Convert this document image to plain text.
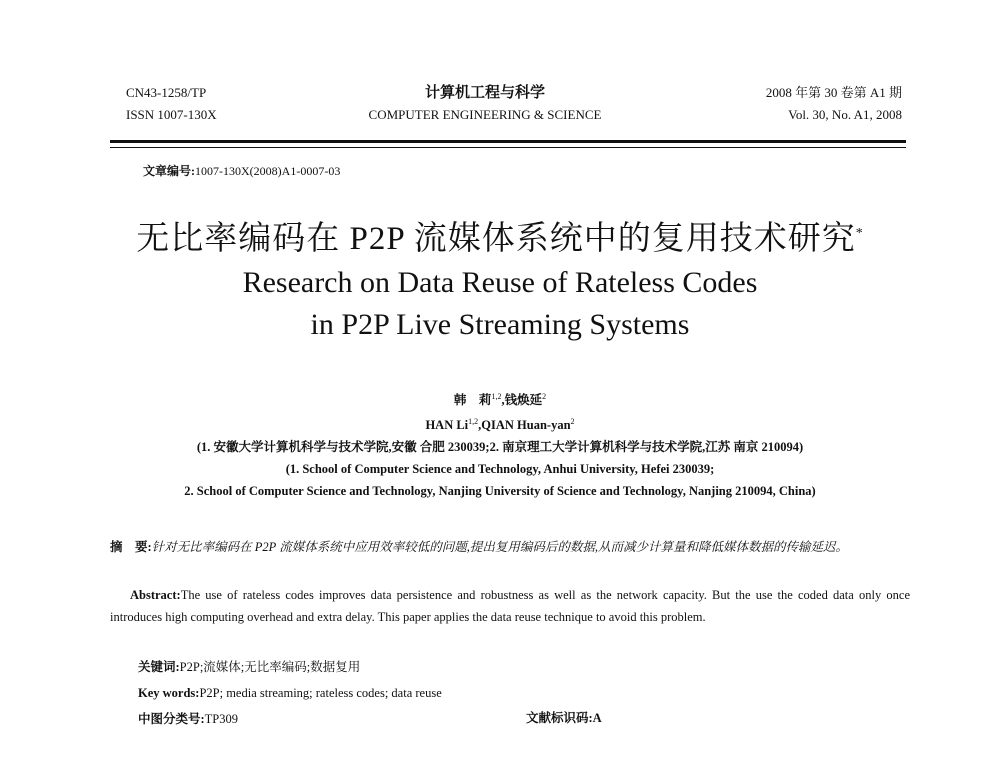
CN43-1258/TP
ISSN 1007-130X
计算机工程与科学
COMPUTER ENGINEERING & SCIENCE
2008 年第 30 卷第 A1 期
Vol. 30, No. A1, 2008
文章编号:1007-130X(2008)A1-0007-03
无比率编码在 P2P 流媒体系统中的复用技术研究*
Research on Data Reuse of Rateless Codes
in P2P Live Streaming Systems
韩　莉$^{1,2}$,钱焕延$^2$
HAN Li$^{1,2}$,QIAN Huan-yan$^2$
(1. 安徽大学计算机科学与技术学院,安徽 合肥 230039;2. 南京理工大学计算机科学与技术学院,江苏 南京 210094)
(1. School of Computer Science and Technology, Anhui University, Hefei 230039;
2. School of Computer Science and Technology, Nanjing University of Science and Technology, Nanjing 210094, China)
摘　要:针对无比率编码在 P2P 流媒体系统中应用效率较低的问题,提出复用编码后的数据,从而减少计算量和降低媒体数据的传输延迟。
Abstract:The use of rateless codes improves data persistence and robustness as well as the network capacity. But the use the coded data only once introduces high computing overhead and extra delay. This paper applies the data reuse technique to avoid this problem.
关键词:P2P;流媒体;无比率编码;数据复用
Key words:P2P; media streaming; rateless codes; data reuse
中图分类号:TP309	文献标识码:A
